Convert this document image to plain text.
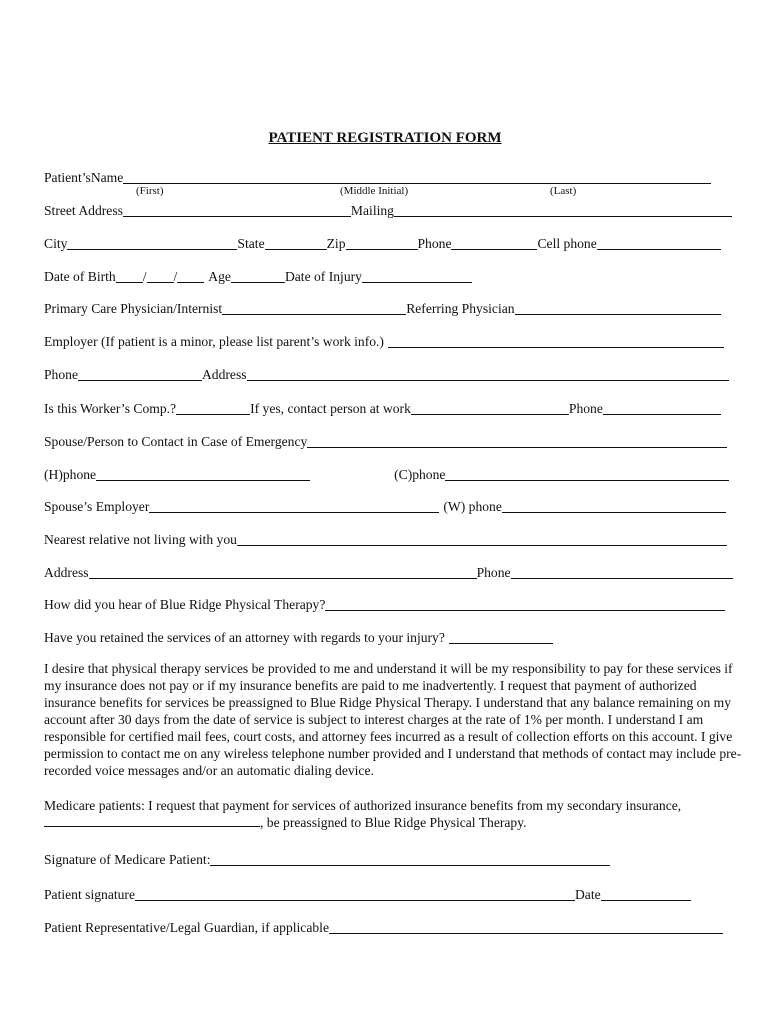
PATIENT REGISTRATION FORM
Patient’sName
(First)	(Middle Initial)	(Last)
Street Address	Mailing
City	State	Zip	Phone	Cell phone
Date of Birth / / Age	Date of Injury
Primary Care Physician/Internist	Referring Physician
Employer (If patient is a minor, please list parent’s work info.)
Phone	Address
Is this Worker’s Comp.?	If yes, contact person at work	Phone
Spouse/Person to Contact in Case of Emergency
(H)phone	(C)phone
Spouse’s Employer	(W) phone
Nearest relative not living with you
Address	Phone
How did you hear of Blue Ridge Physical Therapy?
Have you retained the services of an attorney with regards to your injury?
I desire that physical therapy services be provided to me and understand it will be my responsibility to pay for these services if my insurance does not pay or if my insurance benefits are paid to me inadvertently. I request that payment of authorized insurance benefits for services be preassigned to Blue Ridge Physical Therapy. I understand that any balance remaining on my account after 30 days from the date of service is subject to interest charges at the rate of 1% per month. I understand I am responsible for certified mail fees, court costs, and attorney fees incurred as a result of collection efforts on this account. I give permission to contact me on any wireless telephone number provided and I understand that methods of contact may include pre-recorded voice messages and/or an automatic dialing device.
Medicare patients: I request that payment for services of authorized insurance benefits from my secondary insurance,
, be preassigned to Blue Ridge Physical Therapy.
Signature of Medicare Patient:
Patient signature	Date
Patient Representative/Legal Guardian, if applicable
